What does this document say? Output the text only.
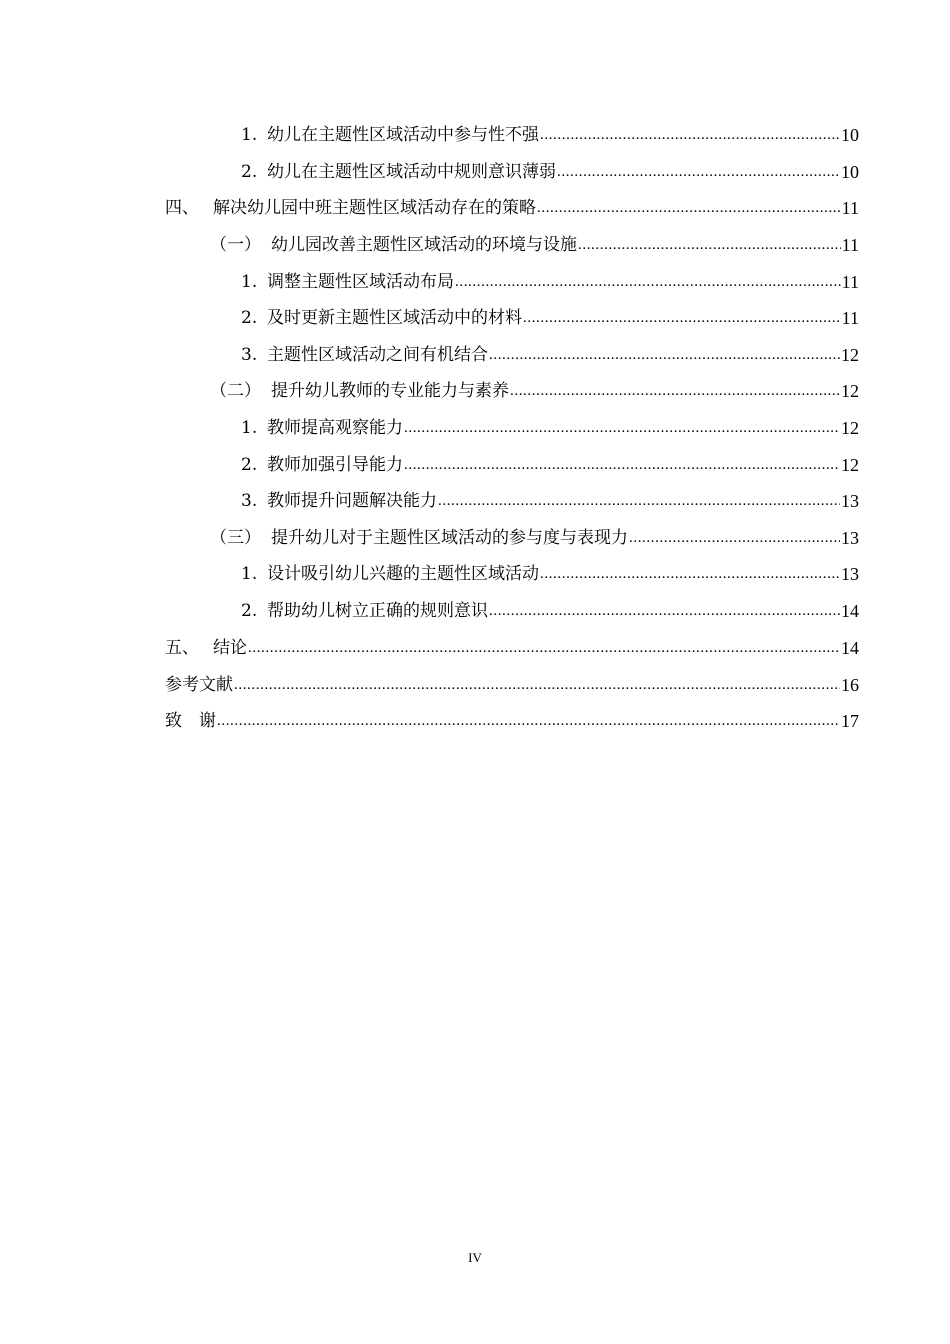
1. 幼儿在主题性区域活动中参与性不强 .....	10
2. 幼儿在主题性区域活动中规则意识薄弱 .....	10
四、 解决幼儿园中班主题性区域活动存在的策略 .....	11
（一） 幼儿园改善主题性区域活动的环境与设施 .....	11
1. 调整主题性区域活动布局 .....	11
2. 及时更新主题性区域活动中的材料 .....	11
3. 主题性区域活动之间有机结合 .....	12
（二） 提升幼儿教师的专业能力与素养 .....	12
1. 教师提高观察能力 .....	12
2. 教师加强引导能力 .....	12
3. 教师提升问题解决能力 .....	13
（三） 提升幼儿对于主题性区域活动的参与度与表现力 .....	13
1. 设计吸引幼儿兴趣的主题性区域活动 .....	13
2. 帮助幼儿树立正确的规则意识 .....	14
五、 结论 .....	14
参考文献 .....	16
致　谢 .....	17
IV
